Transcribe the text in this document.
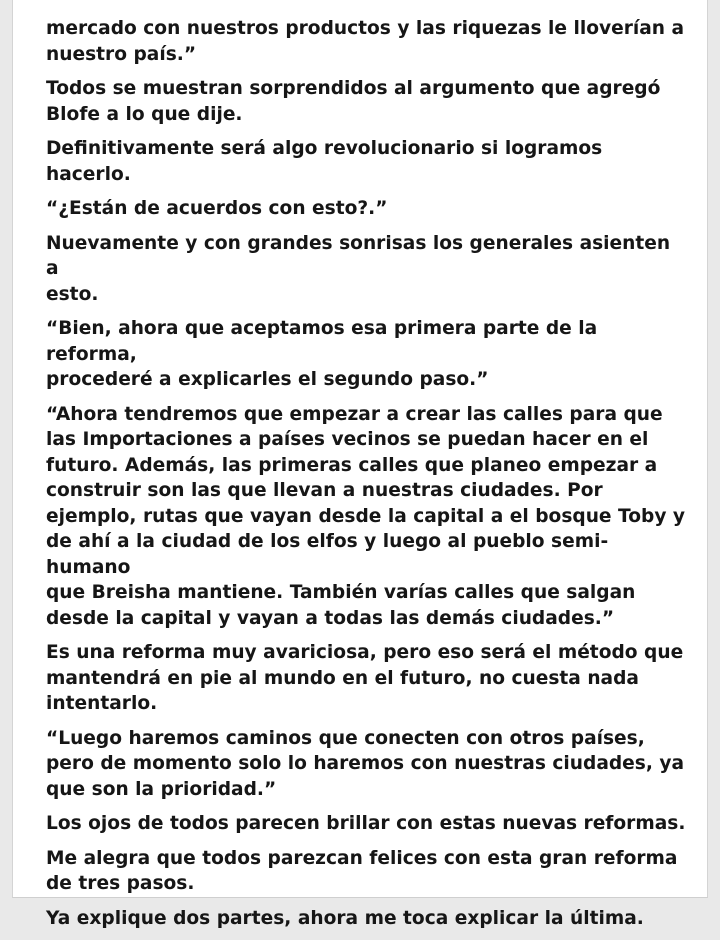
mercado con nuestros productos y las riquezas le lloverían a
nuestro país.”

Todos se muestran sorprendidos al argumento que agregó
Blofe a lo que dije.

Definitivamente será algo revolucionario si logramos hacerlo.

“¿Están de acuerdos con esto?.”

Nuevamente y con grandes sonrisas los generales asienten a
esto.

“Bien, ahora que aceptamos esa primera parte de la reforma,
procederé a explicarles el segundo paso.”

“Ahora tendremos que empezar a crear las calles para que
las Importaciones a países vecinos se puedan hacer en el
futuro. Además, las primeras calles que planeo empezar a
construir son las que llevan a nuestras ciudades. Por
ejemplo, rutas que vayan desde la capital a el bosque Toby y
de ahí a la ciudad de los elfos y luego al pueblo semi-humano
que Breisha mantiene. También varías calles que salgan
desde la capital y vayan a todas las demás ciudades.”

Es una reforma muy avariciosa, pero eso será el método que
mantendrá en pie al mundo en el futuro, no cuesta nada
intentarlo.

“Luego haremos caminos que conecten con otros países,
pero de momento solo lo haremos con nuestras ciudades, ya
que son la prioridad.”

Los ojos de todos parecen brillar con estas nuevas reformas.

Me alegra que todos parezcan felices con esta gran reforma
de tres pasos.

Ya explique dos partes, ahora me toca explicar la última.
